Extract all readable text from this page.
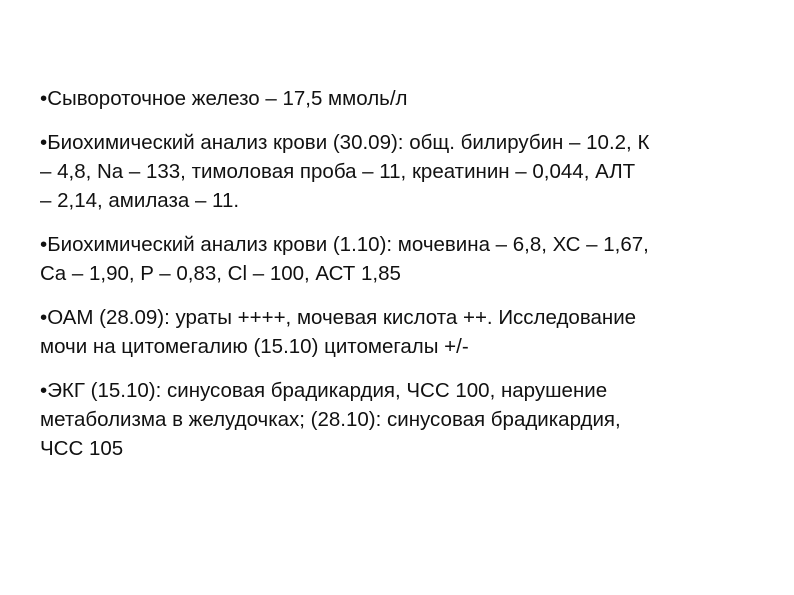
•Сывороточное железо – 17,5 ммоль/л

•Биохимический анализ крови (30.09): общ. билирубин – 10.2, К
– 4,8, Na – 133, тимоловая проба – 11, креатинин – 0,044, АЛТ
– 2,14, амилаза – 11.

•Биохимический анализ крови (1.10): мочевина – 6,8, ХС – 1,67,
Ca – 1,90, P – 0,83, Cl – 100, АСТ 1,85

•ОАМ (28.09): ураты ++++, мочевая кислота ++. Исследование
мочи на цитомегалию (15.10) цитомегалы +/-

•ЭКГ (15.10): синусовая брадикардия, ЧСС 100, нарушение
метаболизма в желудочках; (28.10): синусовая брадикардия,
ЧСС 105
